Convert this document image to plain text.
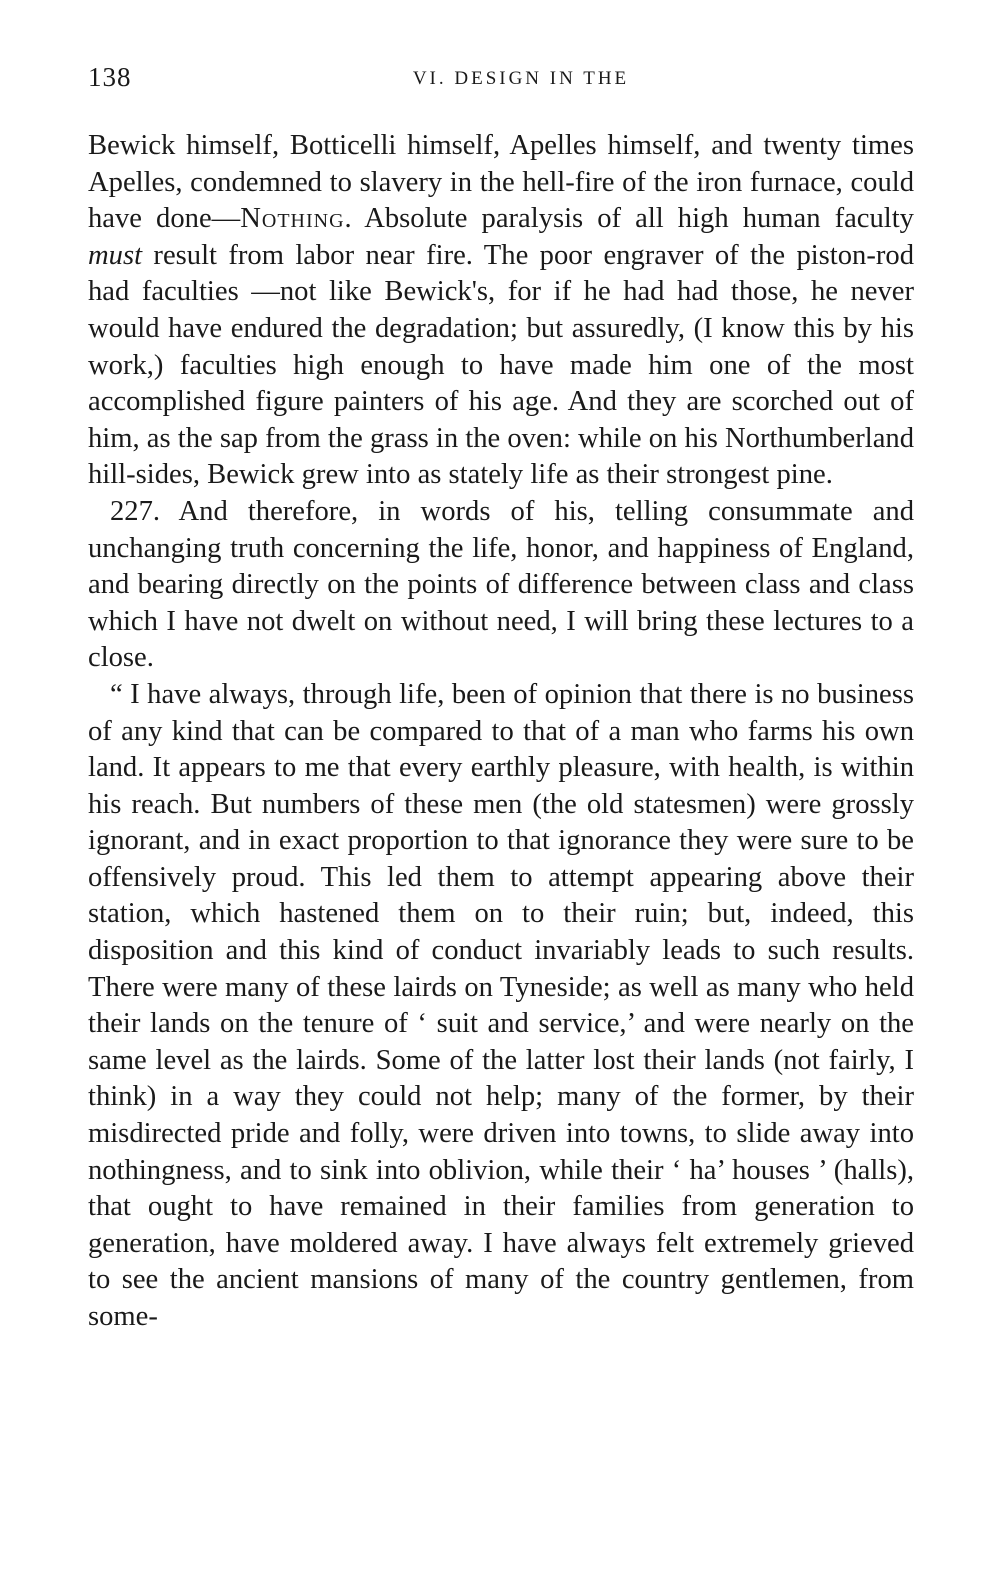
138	VI. DESIGN IN THE

Bewick himself, Botticelli himself, Apelles himself, and twenty times Apelles, condemned to slavery in the hell-fire of the iron furnace, could have done—Nothing. Absolute paralysis of all high human faculty must result from labor near fire. The poor engraver of the piston-rod had faculties —not like Bewick's, for if he had had those, he never would have endured the degradation; but assuredly, (I know this by his work,) faculties high enough to have made him one of the most accomplished figure painters of his age. And they are scorched out of him, as the sap from the grass in the oven: while on his Northumberland hill-sides, Bewick grew into as stately life as their strongest pine.

227. And therefore, in words of his, telling consummate and unchanging truth concerning the life, honor, and happiness of England, and bearing directly on the points of difference between class and class which I have not dwelt on without need, I will bring these lectures to a close.

“ I have always, through life, been of opinion that there is no business of any kind that can be compared to that of a man who farms his own land. It appears to me that every earthly pleasure, with health, is within his reach. But numbers of these men (the old statesmen) were grossly ignorant, and in exact proportion to that ignorance they were sure to be offensively proud. This led them to attempt appearing above their station, which hastened them on to their ruin; but, indeed, this disposition and this kind of conduct invariably leads to such results. There were many of these lairds on Tyneside; as well as many who held their lands on the tenure of ‘ suit and service,’ and were nearly on the same level as the lairds. Some of the latter lost their lands (not fairly, I think) in a way they could not help; many of the former, by their misdirected pride and folly, were driven into towns, to slide away into nothingness, and to sink into oblivion, while their ‘ ha’ houses ’ (halls), that ought to have remained in their families from generation to generation, have moldered away. I have always felt extremely grieved to see the ancient mansions of many of the country gentlemen, from some-
